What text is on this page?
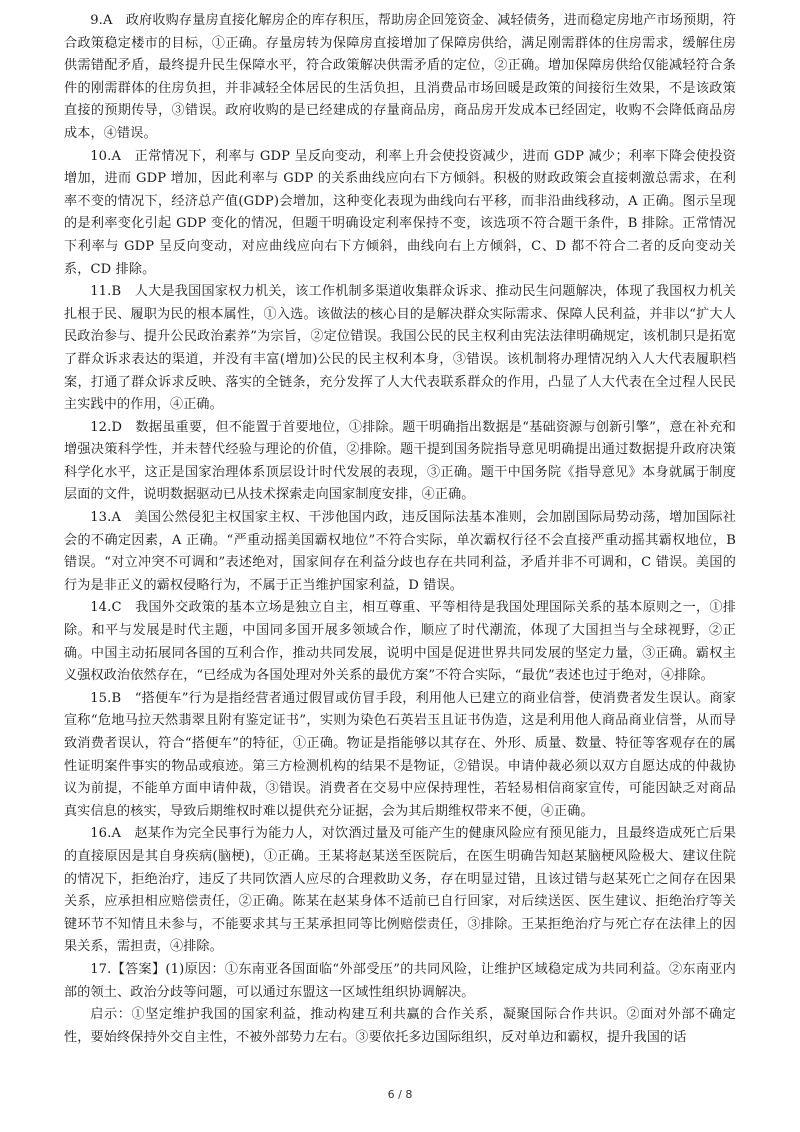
9.A　政府收购存量房直接化解房企的库存积压，帮助房企回笼资金、减轻债务，进而稳定房地产市场预期，符合政策稳定楼市的目标，①正确。存量房转为保障房直接增加了保障房供给，满足刚需群体的住房需求，缓解住房供需错配矛盾，最终提升民生保障水平，符合政策解决供需矛盾的定位，②正确。增加保障房供给仅能减轻符合条件的刚需群体的住房负担，并非减轻全体居民的生活负担，且消费品市场回暖是政策的间接衍生效果，不是该政策直接的预期传导，③错误。政府收购的是已经建成的存量商品房，商品房开发成本已经固定，收购不会降低商品房成本，④错误。

10.A　正常情况下，利率与 GDP 呈反向变动，利率上升会使投资减少，进而 GDP 减少；利率下降会使投资增加，进而 GDP 增加，因此利率与 GDP 的关系曲线应向右下方倾斜。积极的财政政策会直接刺激总需求，在利率不变的情况下，经济总产值(GDP)会增加，这种变化表现为曲线向右平移，而非沿曲线移动，A 正确。图示呈现的是利率变化引起 GDP 变化的情况，但题干明确设定利率保持不变，该选项不符合题干条件，B 排除。正常情况下利率与 GDP 呈反向变动，对应曲线应向右下方倾斜，曲线向右上方倾斜，C、D 都不符合二者的反向变动关系，CD 排除。

11.B　人大是我国国家权力机关，该工作机制多渠道收集群众诉求、推动民生问题解决，体现了我国权力机关扎根于民、履职为民的根本属性，①入选。该做法的核心目的是解决群众实际需求、保障人民利益，并非以“扩大人民政治参与、提升公民政治素养”为宗旨，②定位错误。我国公民的民主权利由宪法法律明确规定，该机制只是拓宽了群众诉求表达的渠道，并没有丰富(增加)公民的民主权利本身，③错误。该机制将办理情况纳入人大代表履职档案，打通了群众诉求反映、落实的全链条，充分发挥了人大代表联系群众的作用，凸显了人大代表在全过程人民民主实践中的作用，④正确。

12.D　数据虽重要，但不能置于首要地位，①排除。题干明确指出数据是“基础资源与创新引擎”，意在补充和增强决策科学性，并未替代经验与理论的价值，②排除。题干提到国务院指导意见明确提出通过数据提升政府决策科学化水平，这正是国家治理体系顶层设计时代发展的表现，③正确。题干中国务院《指导意见》本身就属于制度层面的文件，说明数据驱动已从技术探索走向国家制度安排，④正确。

13.A　美国公然侵犯主权国家主权、干涉他国内政，违反国际法基本准则，会加剧国际局势动荡，增加国际社会的不确定因素，A 正确。“严重动摇美国霸权地位”不符合实际，单次霸权行径不会直接严重动摇其霸权地位，B 错误。“对立冲突不可调和”表述绝对，国家间存在利益分歧也存在共同利益，矛盾并非不可调和，C 错误。美国的行为是非正义的霸权侵略行为，不属于正当维护国家利益，D 错误。

14.C　我国外交政策的基本立场是独立自主，相互尊重、平等相待是我国处理国际关系的基本原则之一，①排除。和平与发展是时代主题，中国同多国开展多领域合作，顺应了时代潮流，体现了大国担当与全球视野，②正确。中国主动拓展同各国的互利合作，推动共同发展，说明中国是促进世界共同发展的坚定力量，③正确。霸权主义强权政治依然存在，“已经成为各国处理对外关系的最优方案”不符合实际，“最优”表述也过于绝对，④排除。

15.B　“搭便车”行为是指经营者通过假冒或仿冒手段，利用他人已建立的商业信誉，使消费者发生误认。商家宣称“危地马拉天然翡翠且附有鉴定证书”，实则为染色石英岩玉且证书伪造，这是利用他人商品商业信誉，从而导致消费者误认，符合“搭便车”的特征，①正确。物证是指能够以其存在、外形、质量、数量、特征等客观存在的属性证明案件事实的物品或痕迹。第三方检测机构的结果不是物证，②错误。申请仲裁必须以双方自愿达成的仲裁协议为前提，不能单方面申请仲裁，③错误。消费者在交易中应保持理性，若轻易相信商家宣传，可能因缺乏对商品真实信息的核实，导致后期维权时难以提供充分证据，会为其后期维权带来不便，④正确。

16.A　赵某作为完全民事行为能力人，对饮酒过量及可能产生的健康风险应有预见能力，且最终造成死亡后果的直接原因是其自身疾病(脑梗)，①正确。王某将赵某送至医院后，在医生明确告知赵某脑梗风险极大、建议住院的情况下，拒绝治疗，违反了共同饮酒人应尽的合理救助义务，存在明显过错，且该过错与赵某死亡之间存在因果关系，应承担相应赔偿责任，②正确。陈某在赵某身体不适前已自行回家，对后续送医、医生建议、拒绝治疗等关键环节不知情且未参与，不能要求其与王某承担同等比例赔偿责任，③排除。王某拒绝治疗与死亡存在法律上的因果关系，需担责，④排除。

17.【答案】(1)原因：①东南亚各国面临“外部受压”的共同风险，让维护区域稳定成为共同利益。②东南亚内部的领土、政治分歧等问题，可以通过东盟这一区域性组织协调解决。

启示：①坚定维护我国的国家利益，推动构建互利共赢的合作关系，凝聚国际合作共识。②面对外部不确定性，要始终保持外交自主性，不被外部势力左右。③要依托多边国际组织，反对单边和霸权，提升我国的话

6 / 8
